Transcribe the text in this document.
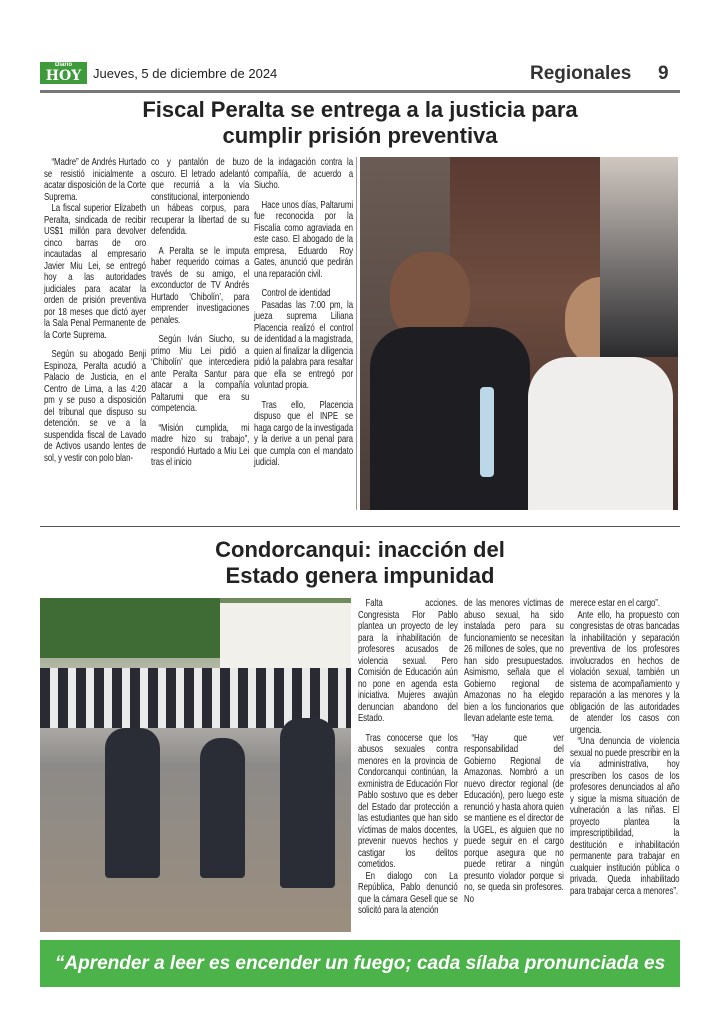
Diario
HOY Jueves, 5 de diciembre de 2024	Regionales 9
Fiscal Peralta se entrega a la justicia para
cumplir prisión preventiva

“Madre” de Andrés Hurtado se resistió inicialmente a acatar disposición de la Corte Suprema.

La fiscal superior Elizabeth Peralta, sindicada de recibir US$1 millón para devolver cinco barras de oro incautadas al empresario Javier Miu Lei, se entregó hoy a las autoridades judiciales para acatar la orden de prisión preventiva por 18 meses que dictó ayer la Sala Penal Permanente de la Corte Suprema.

Según su abogado Benji Espinoza, Peralta acudió a Palacio de Justicia, en el Centro de Lima, a las 4:20 pm y se puso a disposición del tribunal que dispuso su detención. se ve a la suspendida fiscal de Lavado de Activos usando lentes de sol, y vestir con polo blan-

co y pantalón de buzo oscuro. El letrado adelantó que recurriá a la vía constitucional, interponiendo un hábeas corpus, para recuperar la libertad de su defendida.

A Peralta se le imputa haber requerido coimas a través de su amigo, el exconductor de TV Andrés Hurtado ‘Chibolín’, para emprender investigaciones penales.

Según Iván Siucho, su primo Miu Lei pidió a ‘Chibolín’ que intercediera ante Peralta Santur para atacar a la compañía Paltarumi que era su competencia.

“Misión cumplida, mi madre hizo su trabajo”, respondió Hurtado a Miu Lei tras el inicio

de la indagación contra la compañía, de acuerdo a Siucho.

Hace unos días, Paltarumi fue reconocida por la Fiscalía como agraviada en este caso. El abogado de la empresa, Eduardo Roy Gates, anunció que pedirán una reparación civil.

Control de identidad

Pasadas las 7:00 pm, la jueza suprema Liliana Placencia realizó el control de identidad a la magistrada, quien al finalizar la diligencia pidió la palabra para resaltar que ella se entregó por voluntad propia.

Tras ello, Placencia dispuso que el INPE se haga cargo de la investigada y la derive a un penal para que cumpla con el mandato judicial.

Condorcanqui: inacción del
Estado genera impunidad

Falta acciones. Congresista Flor Pablo plantea un proyecto de ley para la inhabilitación de profesores acusados de violencia sexual. Pero Comisión de Educación aún no pone en agenda esta iniciativa. Mujeres awajún denuncian abandono del Estado.

Tras conocerse que los abusos sexuales contra menores en la provincia de Condorcanqui continúan, la exministra de Educación Flor Pablo sostuvo que es deber del Estado dar protección a las estudiantes que han sido víctimas de malos docentes, prevenir nuevos hechos y castigar los delitos cometidos.

En dialogo con La República, Pablo denunció que la cámara Gesell que se solicitó para la atención

de las menores víctimas de abuso sexual, ha sido instalada pero para su funcionamiento se necesitan 26 millones de soles, que no han sido presupuestados. Asimismo, señala que el Gobierno regional de Amazonas no ha elegido bien a los funcionarios que llevan adelante este tema.

“Hay que ver responsabilidad del Gobierno Regional de Amazonas. Nombró a un nuevo director regional (de Educación), pero luego este renunció y hasta ahora quien se mantiene es el director de la UGEL, es alguien que no puede seguir en el cargo porque asegura que no puede retirar a ningún presunto violador porque si no, se queda sin profesores. No

merece estar en el cargo”.

Ante ello, ha propuesto con congresistas de otras bancadas la inhabilitación y separación preventiva de los profesores involucrados en hechos de violación sexual, también un sistema de acompañamiento y reparación a las menores y la obligación de las autoridades de atender los casos con urgencia.

“Una denuncia de violencia sexual no puede prescribir en la vía administrativa, hoy prescriben los casos de los profesores denunciados al año y sigue la misma situación de vulneración a las niñas. El proyecto plantea la imprescriptibilidad, la destitución e inhabilitación permanente para trabajar en cualquier institución pública o privada. Queda inhabilitado para trabajar cerca a menores”.

“Aprender a leer es encender un fuego; cada sílaba pronunciada es una chispa”.
